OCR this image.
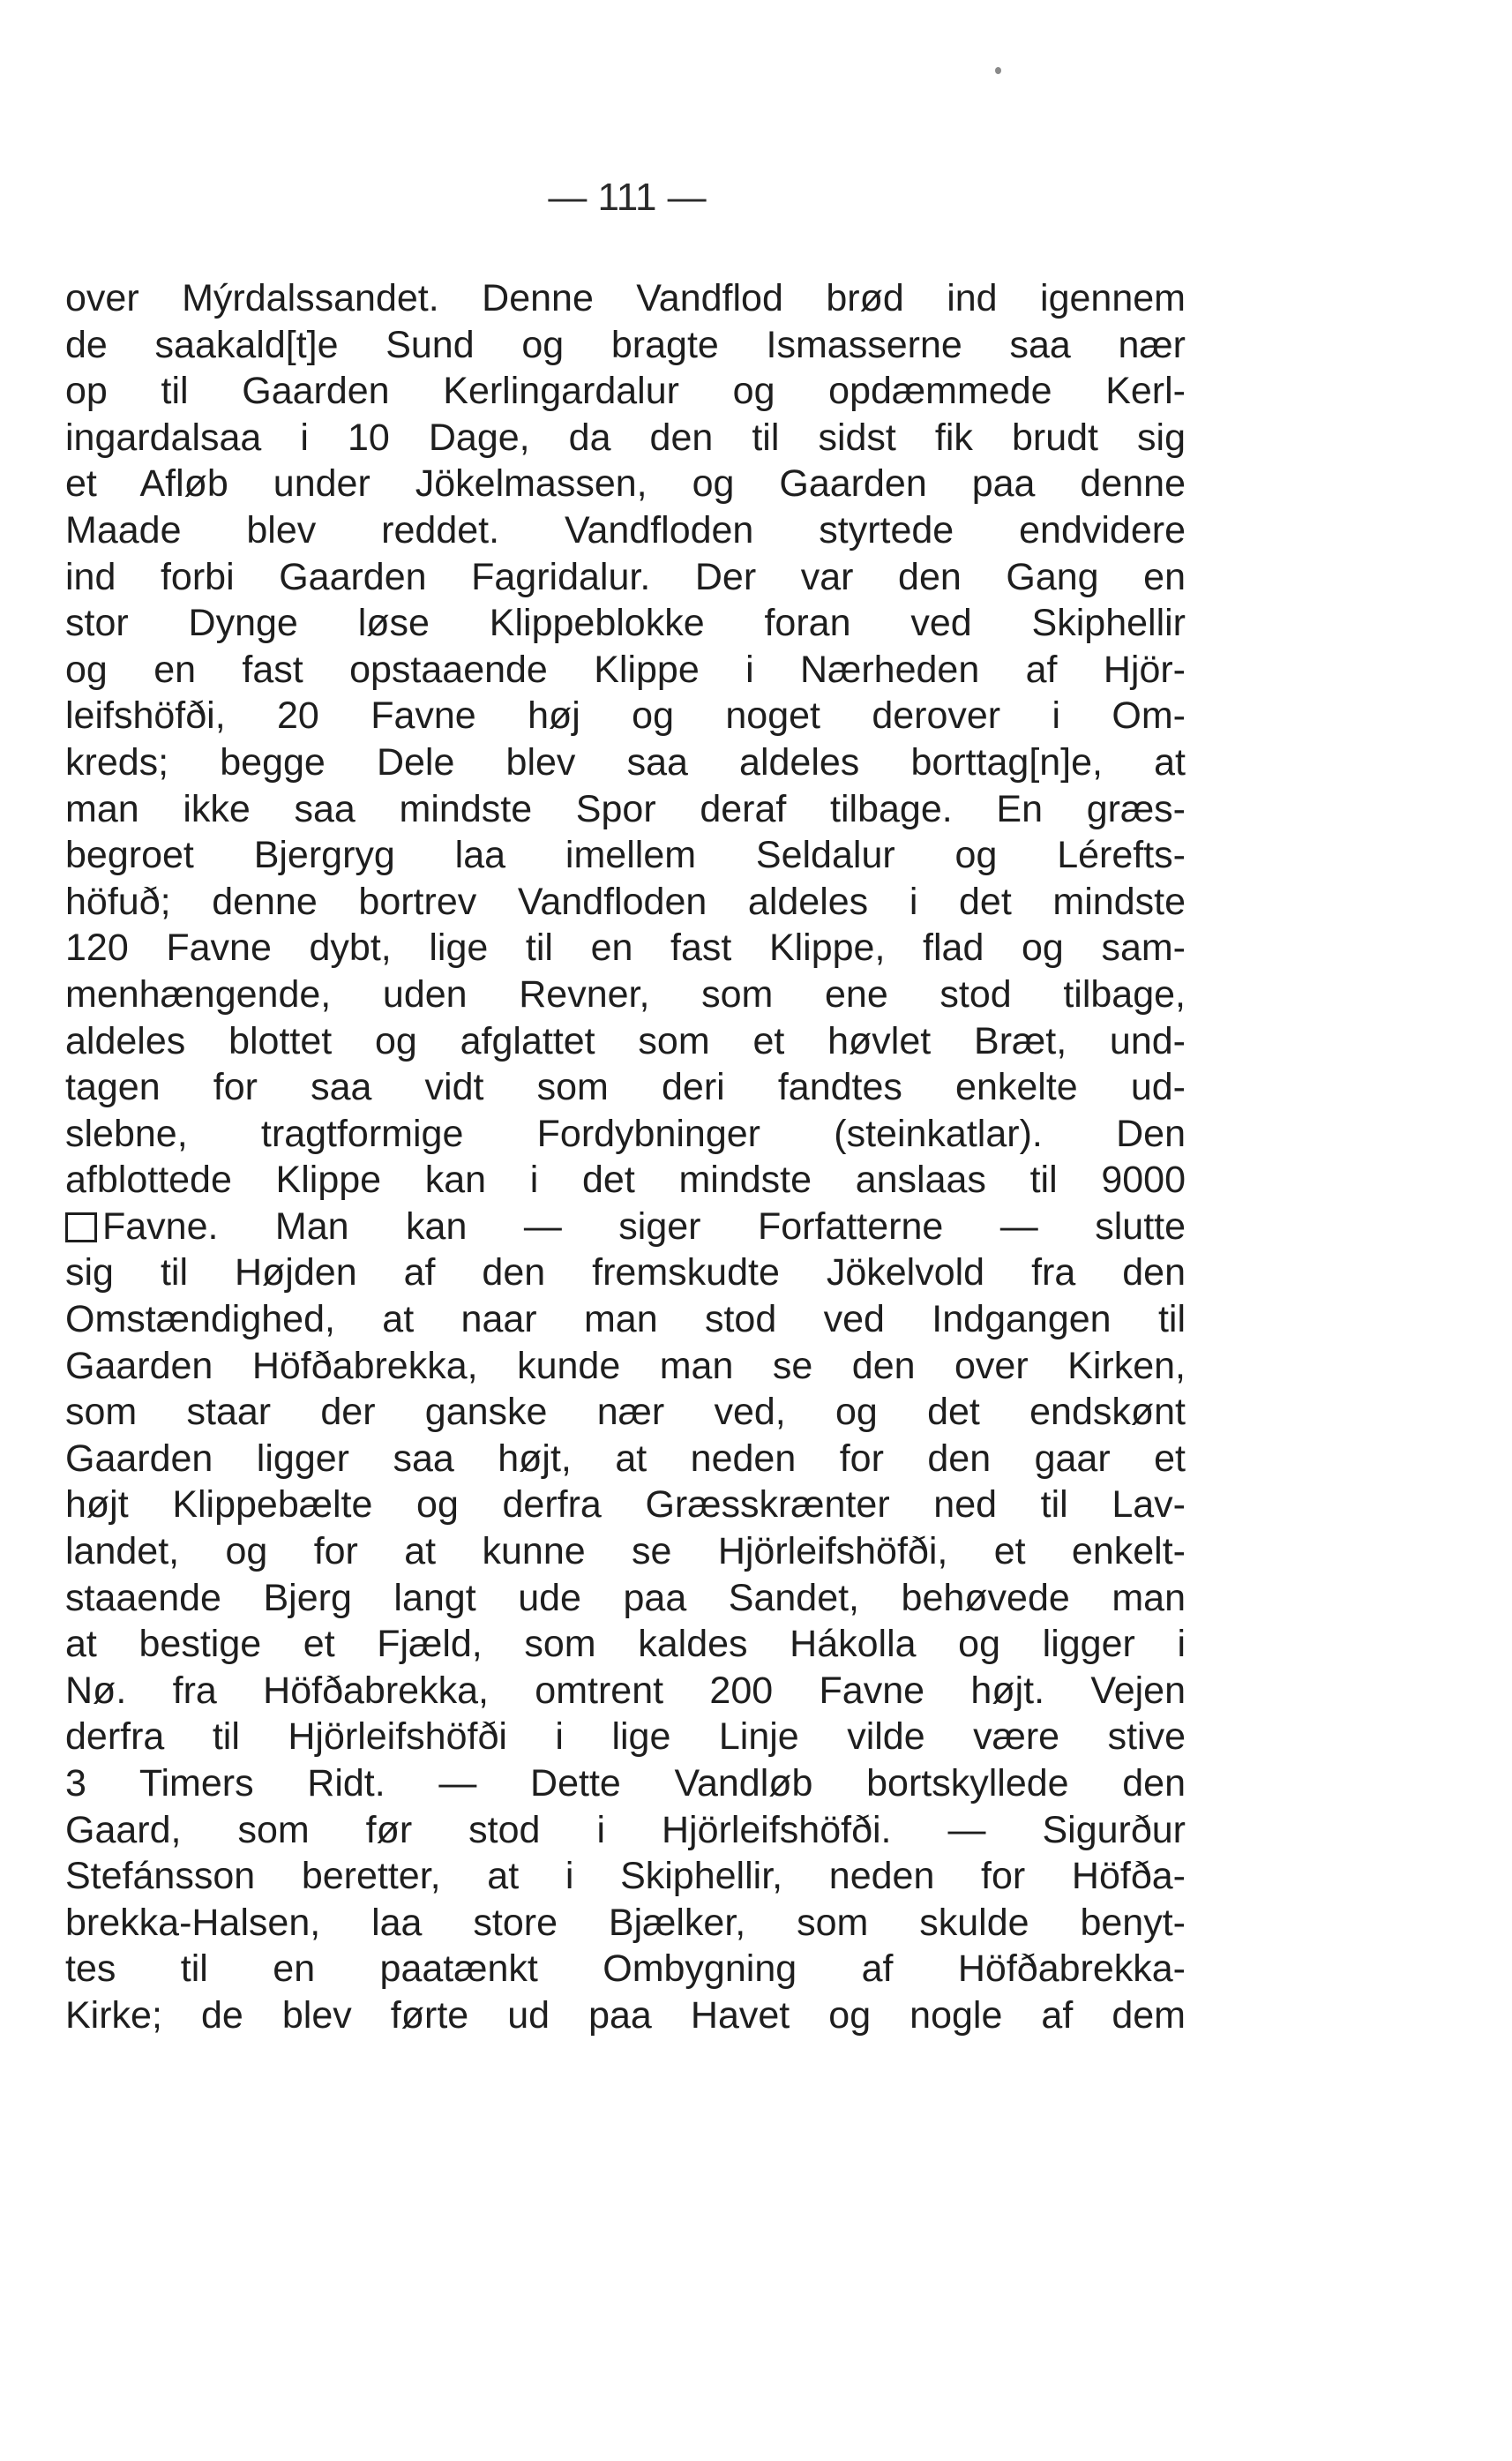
— 111 —
over Mýrdalssandet. Denne Vandflod brød ind igennem
de saakald[t]e Sund og bragte Ismasserne saa nær
op til Gaarden Kerlingardalur og opdæmmede Kerl-
ingardalsaa i 10 Dage, da den til sidst fik brudt sig
et Afløb under Jökelmassen, og Gaarden paa denne
Maade blev reddet. Vandfloden styrtede endvidere
ind forbi Gaarden Fagridalur. Der var den Gang en
stor Dynge løse Klippeblokke foran ved Skiphellir
og en fast opstaaende Klippe i Nærheden af Hjör-
leifshöfði, 20 Favne høj og noget derover i Om-
kreds; begge Dele blev saa aldeles borttag[n]e, at
man ikke saa mindste Spor deraf tilbage. En græs-
begroet Bjergryg laa imellem Seldalur og Lérefts-
höfuð; denne bortrev Vandfloden aldeles i det mindste
120 Favne dybt, lige til en fast Klippe, flad og sam-
menhængende, uden Revner, som ene stod tilbage,
aldeles blottet og afglattet som et høvlet Bræt, und-
tagen for saa vidt som deri fandtes enkelte ud-
slebne, tragtformige Fordybninger (steinkatlar). Den
afblottede Klippe kan i det mindste anslaas til 9000
Favne. Man kan — siger Forfatterne — slutte
sig til Højden af den fremskudte Jökelvold fra den
Omstændighed, at naar man stod ved Indgangen til
Gaarden Höfðabrekka, kunde man se den over Kirken,
som staar der ganske nær ved, og det endskønt
Gaarden ligger saa højt, at neden for den gaar et
højt Klippebælte og derfra Græsskrænter ned til Lav-
landet, og for at kunne se Hjörleifshöfði, et enkelt-
staaende Bjerg langt ude paa Sandet, behøvede man
at bestige et Fjæld, som kaldes Hákolla og ligger i
Nø. fra Höfðabrekka, omtrent 200 Favne højt. Vejen
derfra til Hjörleifshöfði i lige Linje vilde være stive
3 Timers Ridt. — Dette Vandløb bortskyllede den
Gaard, som før stod i Hjörleifshöfði. — Sigurður
Stefánsson beretter, at i Skiphellir, neden for Höfða-
brekka-Halsen, laa store Bjælker, som skulde benyt-
tes til en paatænkt Ombygning af Höfðabrekka-
Kirke; de blev førte ud paa Havet og nogle af dem
